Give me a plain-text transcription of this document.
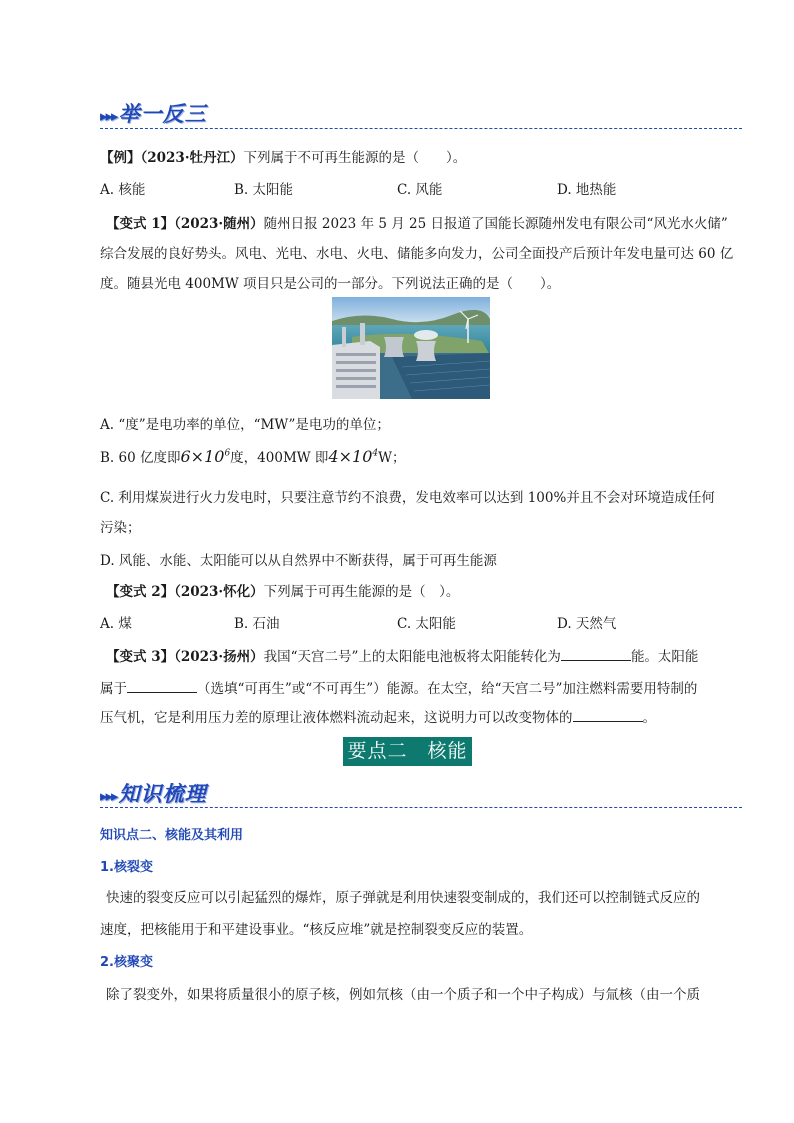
▸▸▸举一反三
【例】（2023·牡丹江）下列属于不可再生能源的是（　　）。
A. 核能	B. 太阳能	C. 风能	D. 地热能
【变式 1】（2023·随州）随州日报 2023 年 5 月 25 日报道了国能长源随州发电有限公司“风光水火储”
综合发展的良好势头。风电、光电、水电、火电、储能多向发力，公司全面投产后预计年发电量可达 60 亿
度。随县光电 400MW 项目只是公司的一部分。下列说法正确的是（　　）。
A. “度”是电功率的单位，“MW”是电功的单位；
B. 60 亿度即$6\times 10^6$度，400MW 即$4\times 10^4W$；
C. 利用煤炭进行火力发电时，只要注意节约不浪费，发电效率可以达到 100%并且不会对环境造成任何
污染；
D. 风能、水能、太阳能可以从自然界中不断获得，属于可再生能源
【变式 2】（2023·怀化）下列属于可再生能源的是（　）。
A. 煤	B. 石油	C. 太阳能	D. 天然气
【变式 3】（2023·扬州）我国“天宫二号”上的太阳能电池板将太阳能转化为	能。太阳能
属于	（选填“可再生”或“不可再生”）能源。在太空，给“天宫二号”加注燃料需要用特制的
压气机，它是利用压力差的原理让液体燃料流动起来，这说明力可以改变物体的	。
要点二　核能
▸▸▸知识梳理
知识点二、核能及其利用
1.核裂变
快速的裂变反应可以引起猛烈的爆炸，原子弹就是利用快速裂变制成的，我们还可以控制链式反应的
速度，把核能用于和平建设事业。“核反应堆”就是控制裂变反应的装置。
2.核聚变
除了裂变外，如果将质量很小的原子核，例如氘核（由一个质子和一个中子构成）与氚核（由一个质
